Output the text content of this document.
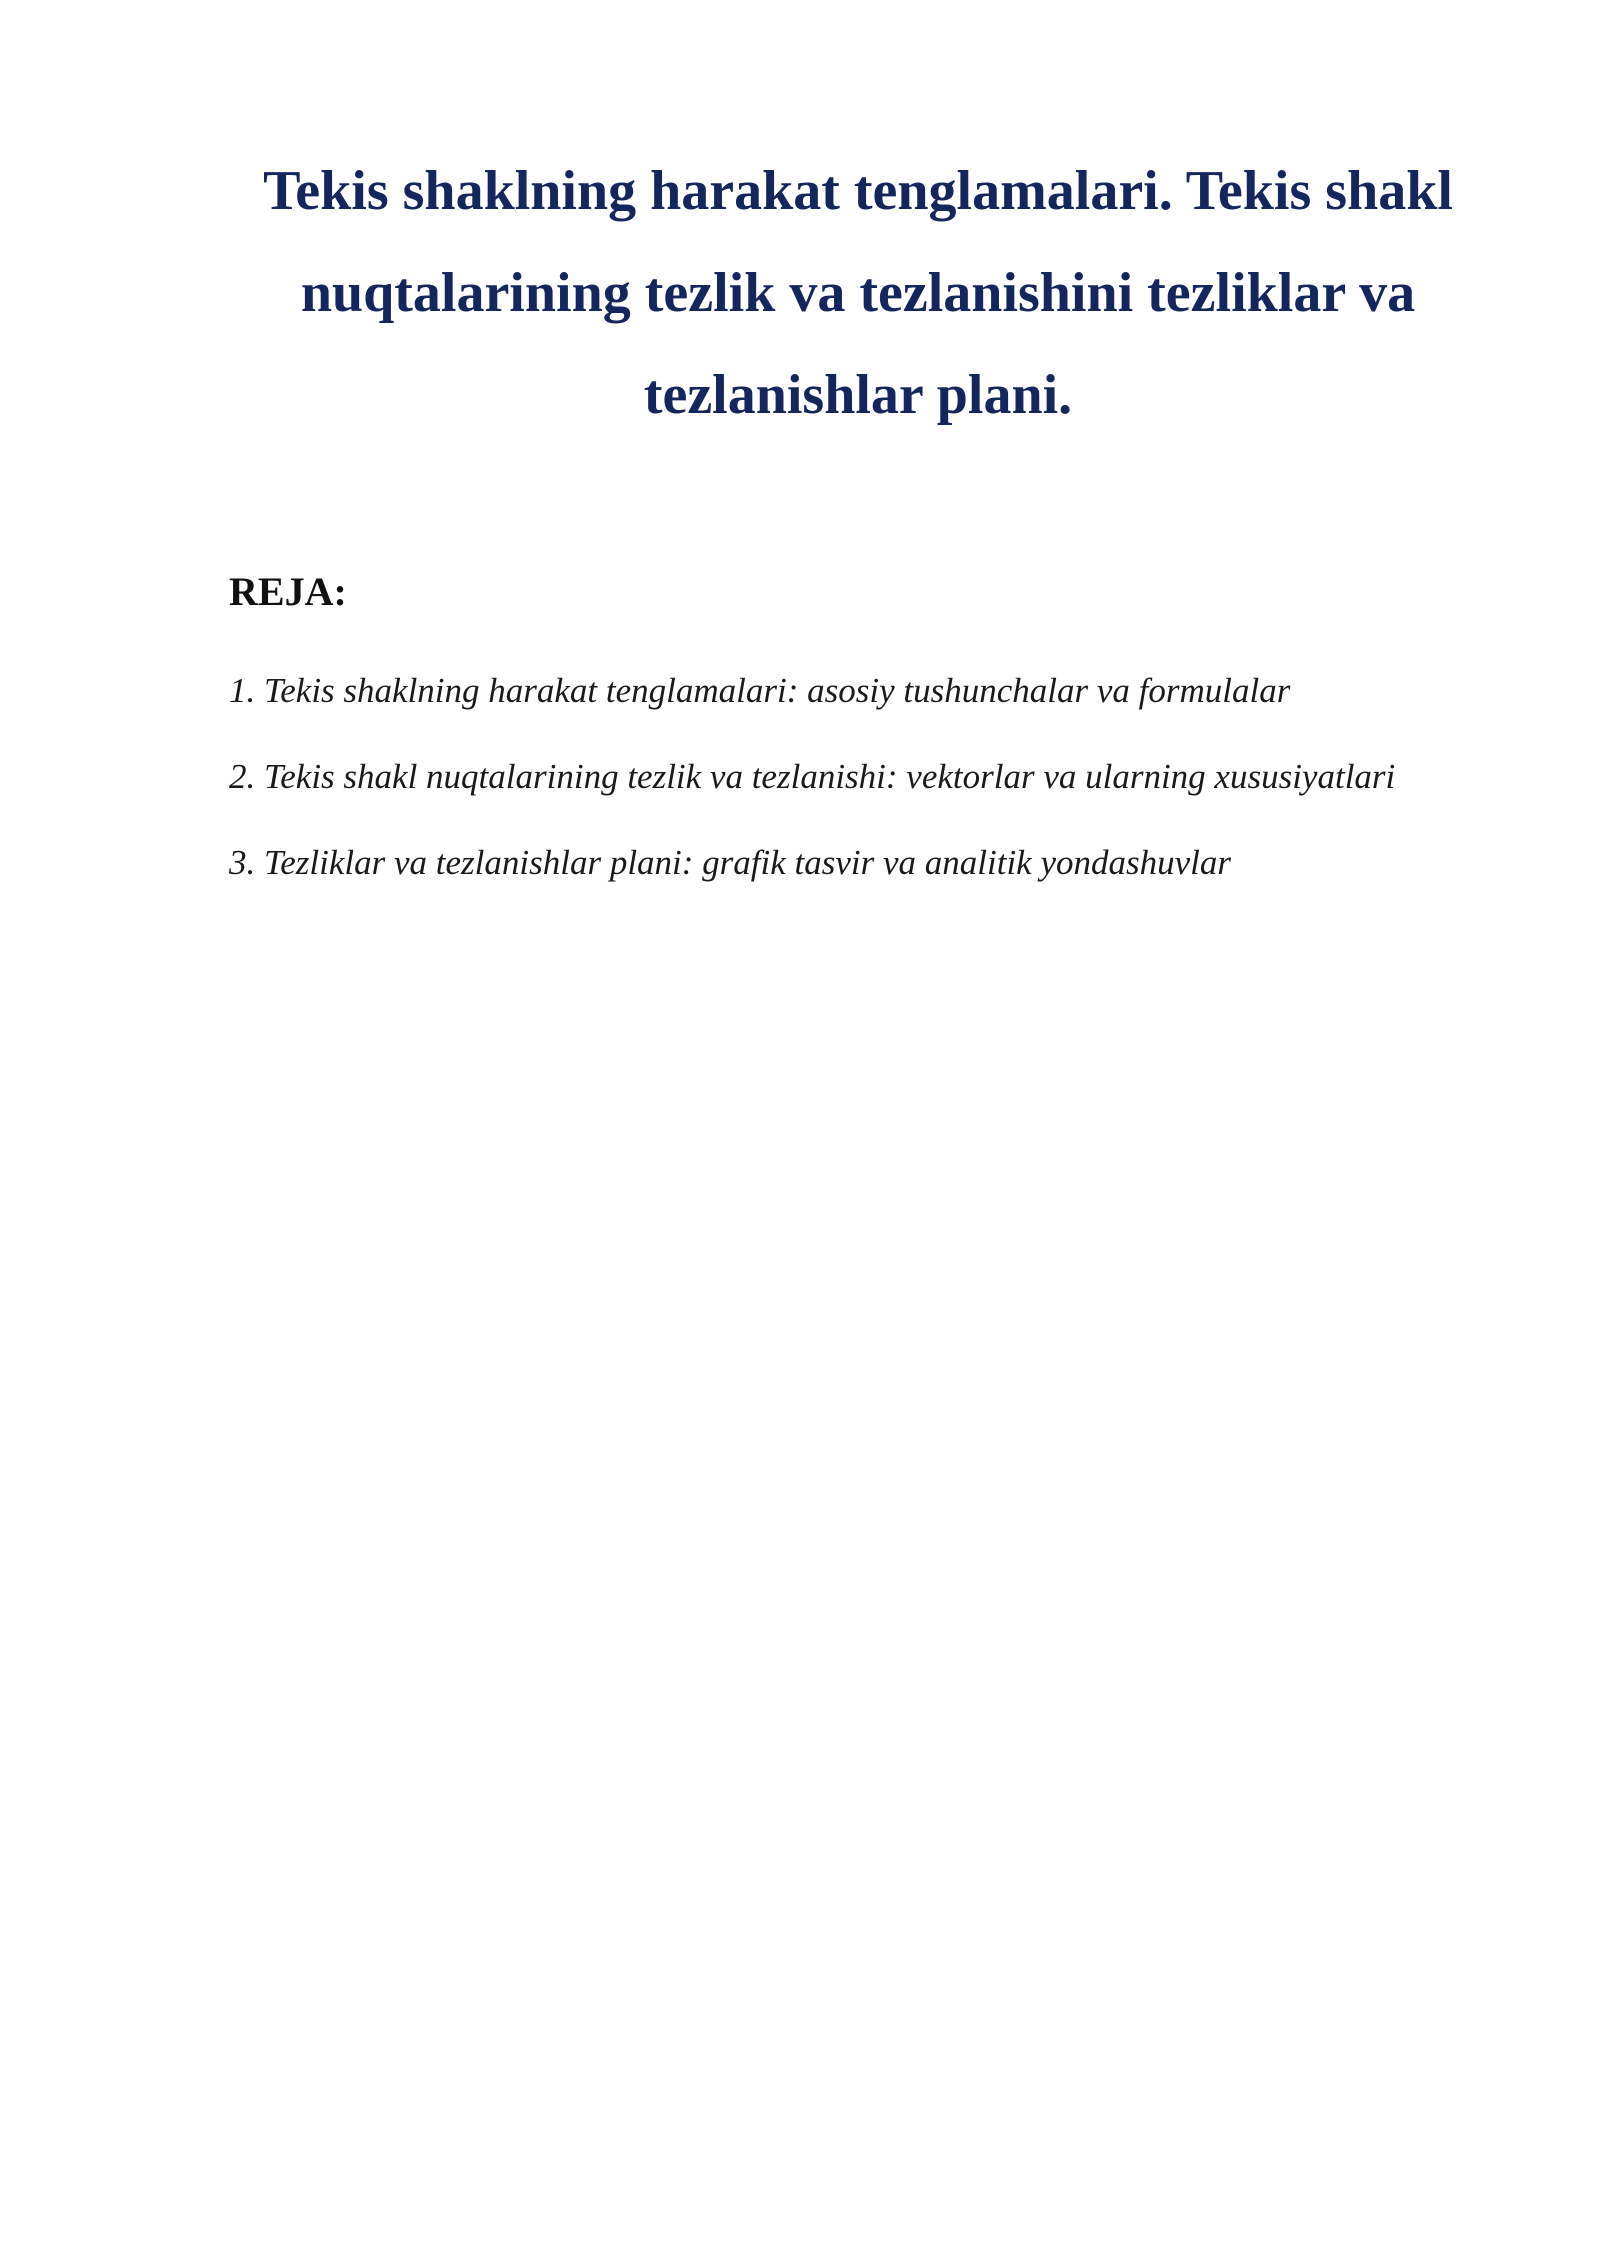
Tekis shaklning harakat tenglamalari. Tekis shakl nuqtalarining tezlik va tezlanishini tezliklar va tezlanishlar plani.
REJA:
1. Tekis shaklning harakat tenglamalari: asosiy tushunchalar va formulalar
2. Tekis shakl nuqtalarining tezlik va tezlanishi: vektorlar va ularning xususiyatlari
3. Tezliklar va tezlanishlar plani: grafik tasvir va analitik yondashuvlar
